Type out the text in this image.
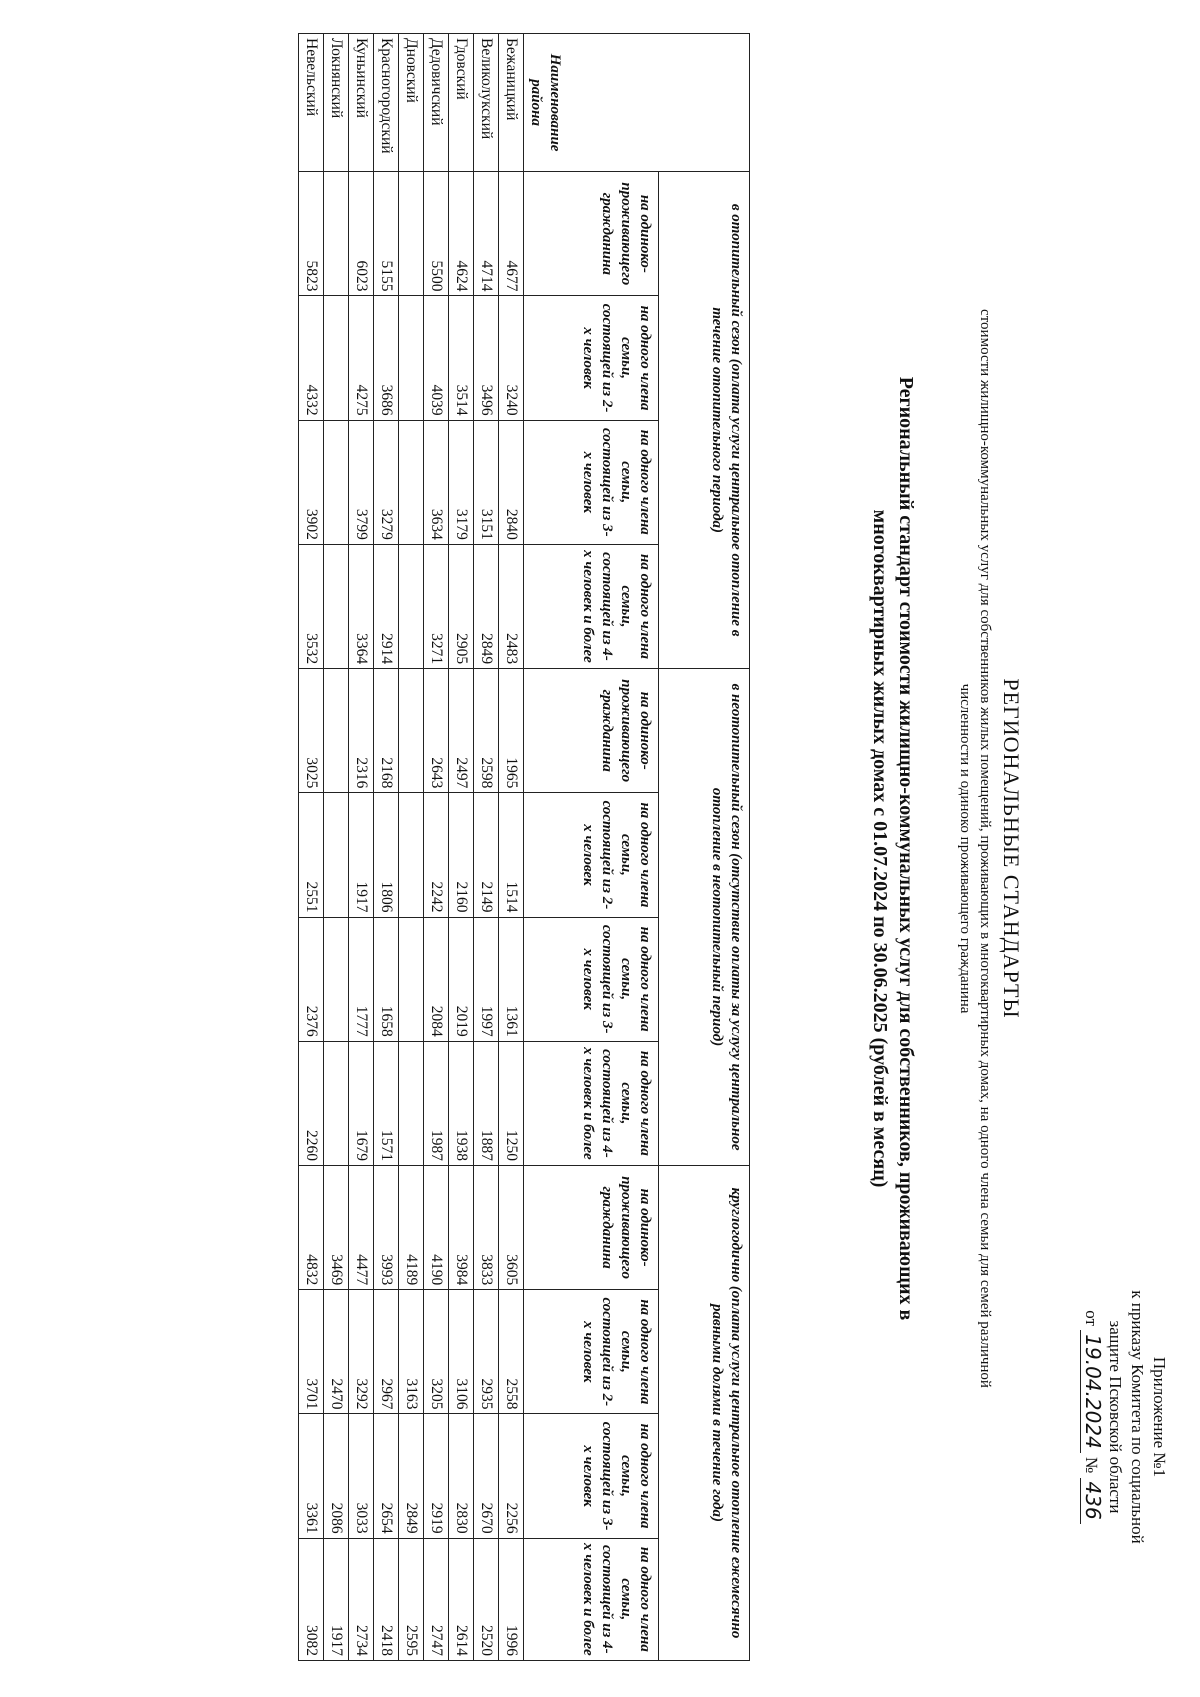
Приложение №1
к приказу Комитета по социальной
защите Псковской области
от 19.04.2024 № 436
РЕГИОНАЛЬНЫЕ СТАНДАРТЫ
стоимости жилищно-коммунальных услуг для собственников жилых помещений, проживающих в многоквартирных домах, на одного члена семьи для семей различной численности и одиноко проживающего гражданина
Региональный стандарт стоимости жилищно-коммунальных услуг для собственников, проживающих в многоквартирных жилых домах с 01.07.2024 по 30.06.2025 (рублей в месяц)
Наименование района	в отопительный сезон (оплата услуги центральное отопление в течение отопительного периода)				в неотопительный сезон (отсутствие оплаты за услугу центральное отопление в неотопительный период)				круглогодично (оплата услуги центральное отопление ежемесячно равными долями в течение года)			
	на одинокопроживающего гражданина	на одного члена семьи, состоящей из 2-х человек	на одного члена семьи, состоящей из 3-х человек	на одного члена семьи, состоящей из 4-х человек и более	на одинокопроживающего гражданина	на одного члена семьи, состоящей из 2-х человек	на одного члена семьи, состоящей из 3-х человек	на одного члена семьи, состоящей из 4-х человек и более	на одинокопроживающего гражданина	на одного члена семьи, состоящей из 2-х человек	на одного члена семьи, состоящей из 3-х человек	на одного члена семьи, состоящей из 4-х человек и более
Бежаницкий	4677	3240	2840	2483	1965	1514	1361	1250	3605	2558	2256	1996
Великолукский	4714	3496	3151	2849	2598	2149	1997	1887	3833	2935	2670	2520
Гдовский	4624	3514	3179	2905	2497	2160	2019	1938	3984	3106	2830	2614
Дедовичский	5500	4039	3634	3271	2643	2242	2084	1987	4190	3205	2919	2747
Дновский									4189	3163	2849	2595
Красногородский	5155	3686	3279	2914	2168	1806	1658	1571	3993	2967	2654	2418
Куньинский	6023	4275	3799	3364	2316	1917	1777	1679	4477	3292	3033	2734
Локнянский									3469	2470	2086	1917
Невельский	5823	4332	3902	3532	3025	2551	2376	2260	4832	3701	3361	3082
